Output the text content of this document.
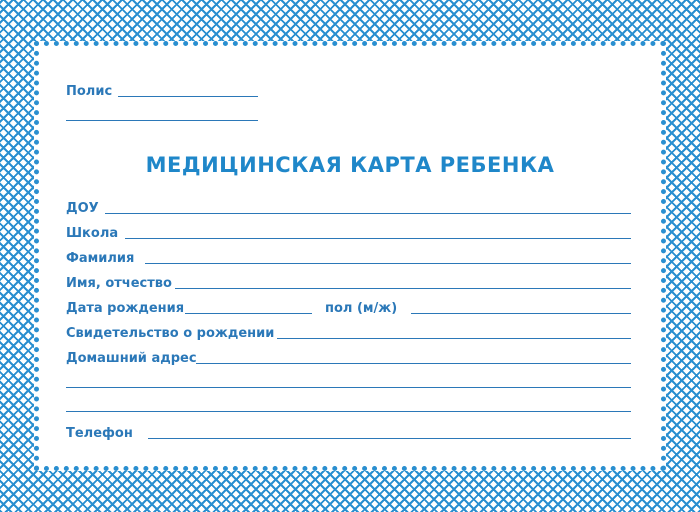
Полис
МЕДИЦИНСКАЯ КАРТА РЕБЕНКА
ДОУ
Школа
Фамилия
Имя, отчество
Дата рождения	пол (м/ж)
Свидетельство о рождении
Домашний адрес
Телефон
